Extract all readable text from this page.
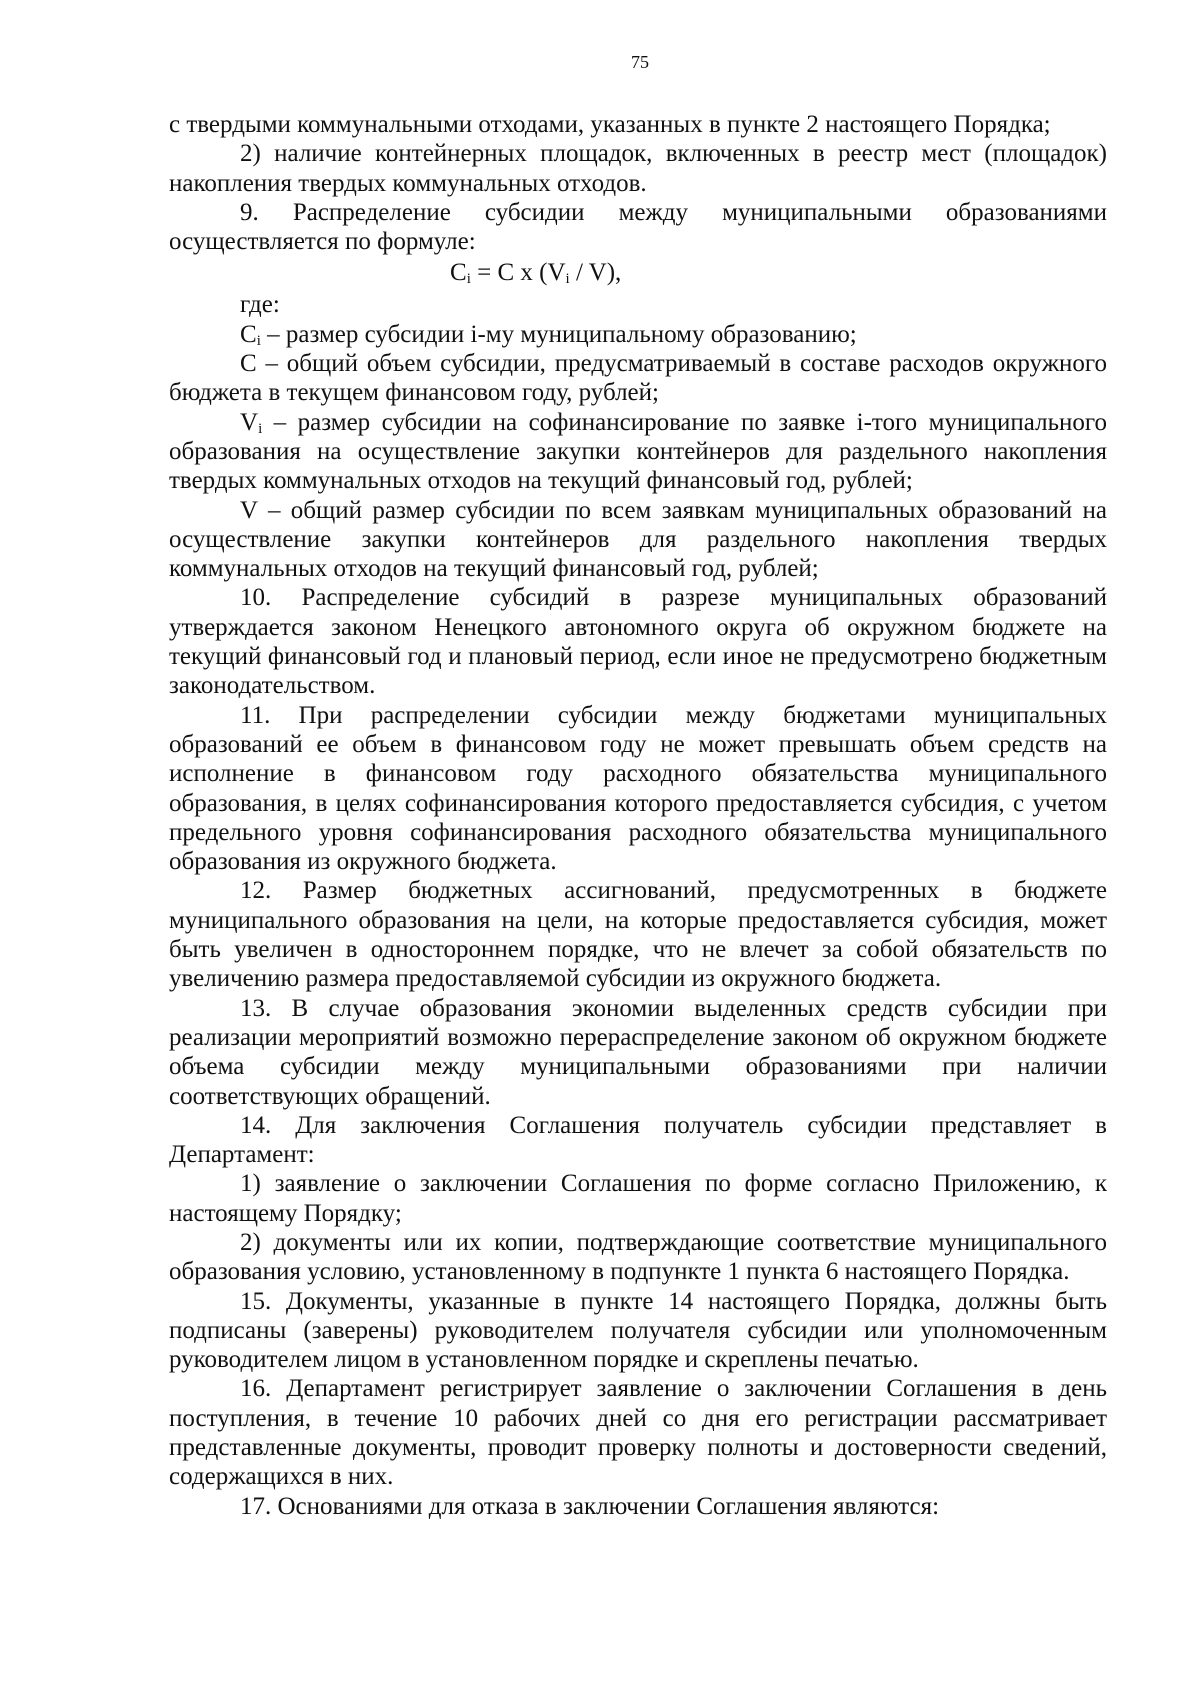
75

с твердыми коммунальными отходами, указанных в пункте 2 настоящего Порядка;

2) наличие контейнерных площадок, включенных в реестр мест (площадок) накопления твердых коммунальных отходов.

9. Распределение субсидии между муниципальными образованиями осуществляется по формуле:

$C_i = C$ x $(V_i / V)$,

где:

Ci – размер субсидии i-му муниципальному образованию;

C – общий объем субсидии, предусматриваемый в составе расходов окружного бюджета в текущем финансовом году, рублей;

Vi – размер субсидии на софинансирование по заявке i-того муниципального образования на осуществление закупки контейнеров для раздельного накопления твердых коммунальных отходов на текущий финансовый год, рублей;

V – общий размер субсидии по всем заявкам муниципальных образований на осуществление закупки контейнеров для раздельного накопления твердых коммунальных отходов на текущий финансовый год, рублей;

10. Распределение субсидий в разрезе муниципальных образований утверждается законом Ненецкого автономного округа об окружном бюджете на текущий финансовый год и плановый период, если иное не предусмотрено бюджетным законодательством.

11. При распределении субсидии между бюджетами муниципальных образований ее объем в финансовом году не может превышать объем средств на исполнение в финансовом году расходного обязательства муниципального образования, в целях софинансирования которого предоставляется субсидия, с учетом предельного уровня софинансирования расходного обязательства муниципального образования из окружного бюджета.

12. Размер бюджетных ассигнований, предусмотренных в бюджете муниципального образования на цели, на которые предоставляется субсидия, может быть увеличен в одностороннем порядке, что не влечет за собой обязательств по увеличению размера предоставляемой субсидии из окружного бюджета.

13. В случае образования экономии выделенных средств субсидии при реализации мероприятий возможно перераспределение законом об окружном бюджете объема субсидии между муниципальными образованиями при наличии соответствующих обращений.

14. Для заключения Соглашения получатель субсидии представляет в Департамент:

1) заявление о заключении Соглашения по форме согласно Приложению, к настоящему Порядку;

2) документы или их копии, подтверждающие соответствие муниципального образования условию, установленному в подпункте 1 пункта 6 настоящего Порядка.

15. Документы, указанные в пункте 14 настоящего Порядка, должны быть подписаны (заверены) руководителем получателя субсидии или уполномоченным руководителем лицом в установленном порядке и скреплены печатью.

16. Департамент регистрирует заявление о заключении Соглашения в день поступления, в течение 10 рабочих дней со дня его регистрации рассматривает представленные документы, проводит проверку полноты и достоверности сведений, содержащихся в них.

17. Основаниями для отказа в заключении Соглашения являются:
